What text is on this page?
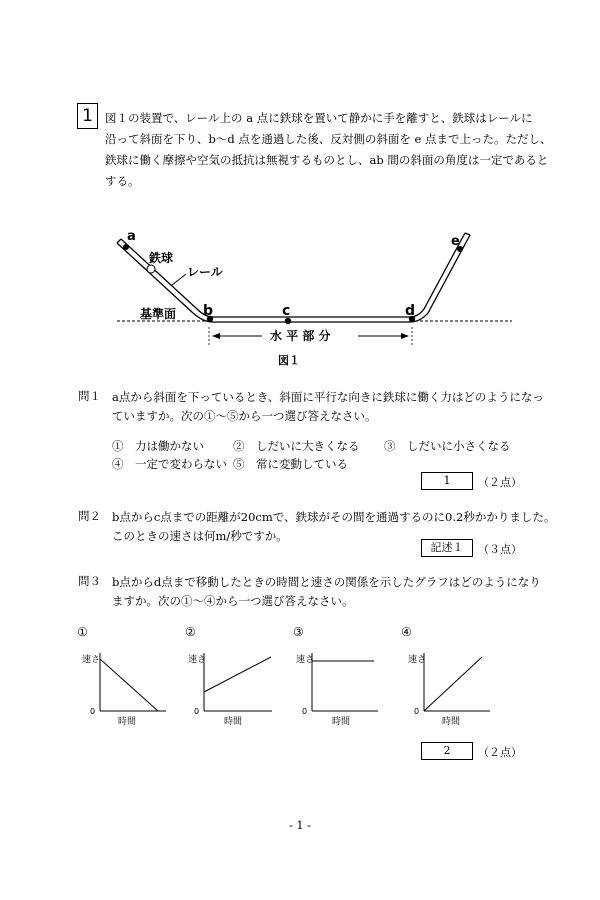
1	図１の装置で、レール上の a 点に鉄球を置いて静かに手を離すと、鉄球はレールに
沿って斜面を下り、b〜d 点を通過した後、反対側の斜面を e 点まで上った。ただし、
鉄球に働く摩擦や空気の抵抗は無視するものとし、ab 間の斜面の角度は一定であると
する。
a
鉄球
レール
基準面 b	c	d
e
水 平 部 分
図１
問１ a点から斜面を下っているとき、斜面に平行な向きに鉄球に働く力はどのようになっ
ていますか。次の①〜⑤から一つ選び答えなさい。
①　力は働かない	②　しだいに大きくなる ③　しだいに小さくなる
④　一定で変わらない ⑤　常に変動している
1	（２点）
問２ b点からc点までの距離が20cmで、鉄球がその間を通過するのに0.2秒かかりました。
このときの速さは何m/秒ですか。
記述１	（３点）
問３ b点からd点まで移動したときの時間と速さの関係を示したグラフはどのようになり
ますか。次の①〜④から一つ選び答えなさい。
①	②	③	④
速さ
0
時間
速さ
0
時間
速さ
0
時間
速さ
0
時間
2	（２点）
- 1 -
